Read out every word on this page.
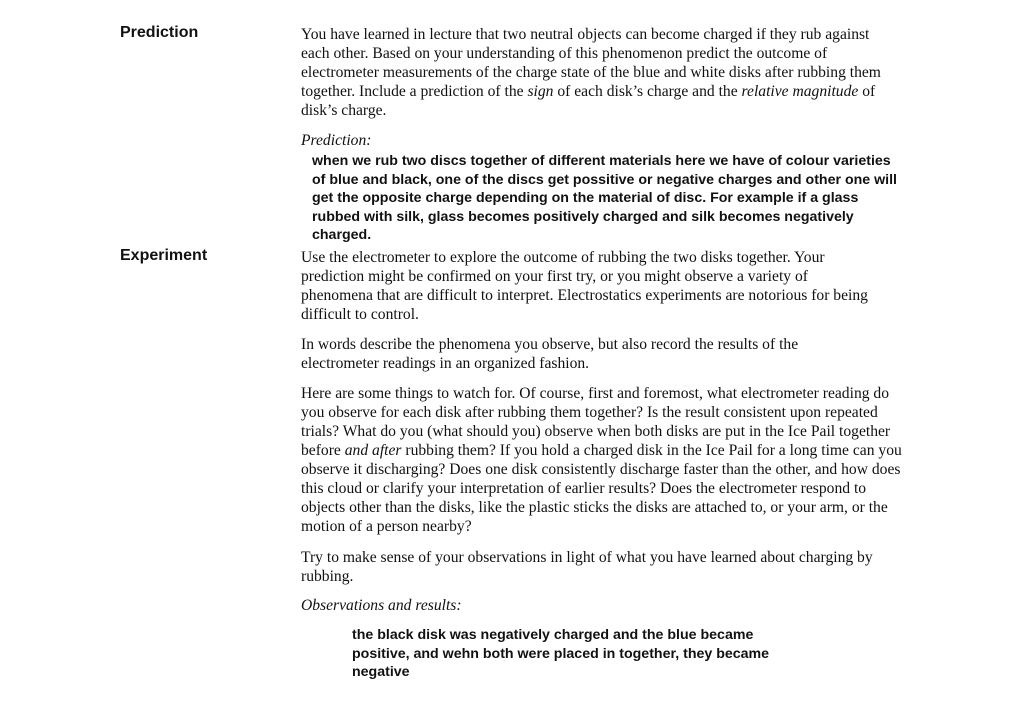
Prediction	You have learned in lecture that two neutral objects can become charged if they rub against each other. Based on your understanding of this phenomenon predict the outcome of electrometer measurements of the charge state of the blue and white disks after rubbing them together. Include a prediction of the sign of each disk’s charge and the relative magnitude of disk’s charge.

Prediction:

when we rub two discs together of different materials here we have of colour varieties of blue and black, one of the discs get possitive or negative charges and other one will get the opposite charge depending on the material of disc. For example if a glass rubbed with silk, glass becomes positively charged and silk becomes negatively charged.

Experiment	Use the electrometer to explore the outcome of rubbing the two disks together. Your prediction might be confirmed on your first try, or you might observe a variety of phenomena that are difficult to interpret. Electrostatics experiments are notorious for being difficult to control.

In words describe the phenomena you observe, but also record the results of the electrometer readings in an organized fashion.

Here are some things to watch for. Of course, first and foremost, what electrometer reading do you observe for each disk after rubbing them together? Is the result consistent upon repeated trials? What do you (what should you) observe when both disks are put in the Ice Pail together before and after rubbing them? If you hold a charged disk in the Ice Pail for a long time can you observe it discharging? Does one disk consistently discharge faster than the other, and how does this cloud or clarify your interpretation of earlier results? Does the electrometer respond to objects other than the disks, like the plastic sticks the disks are attached to, or your arm, or the motion of a person nearby?

Try to make sense of your observations in light of what you have learned about charging by rubbing.

Observations and results:

the black disk was negatively charged and the blue became positive, and wehn both were placed in together, they became negative
